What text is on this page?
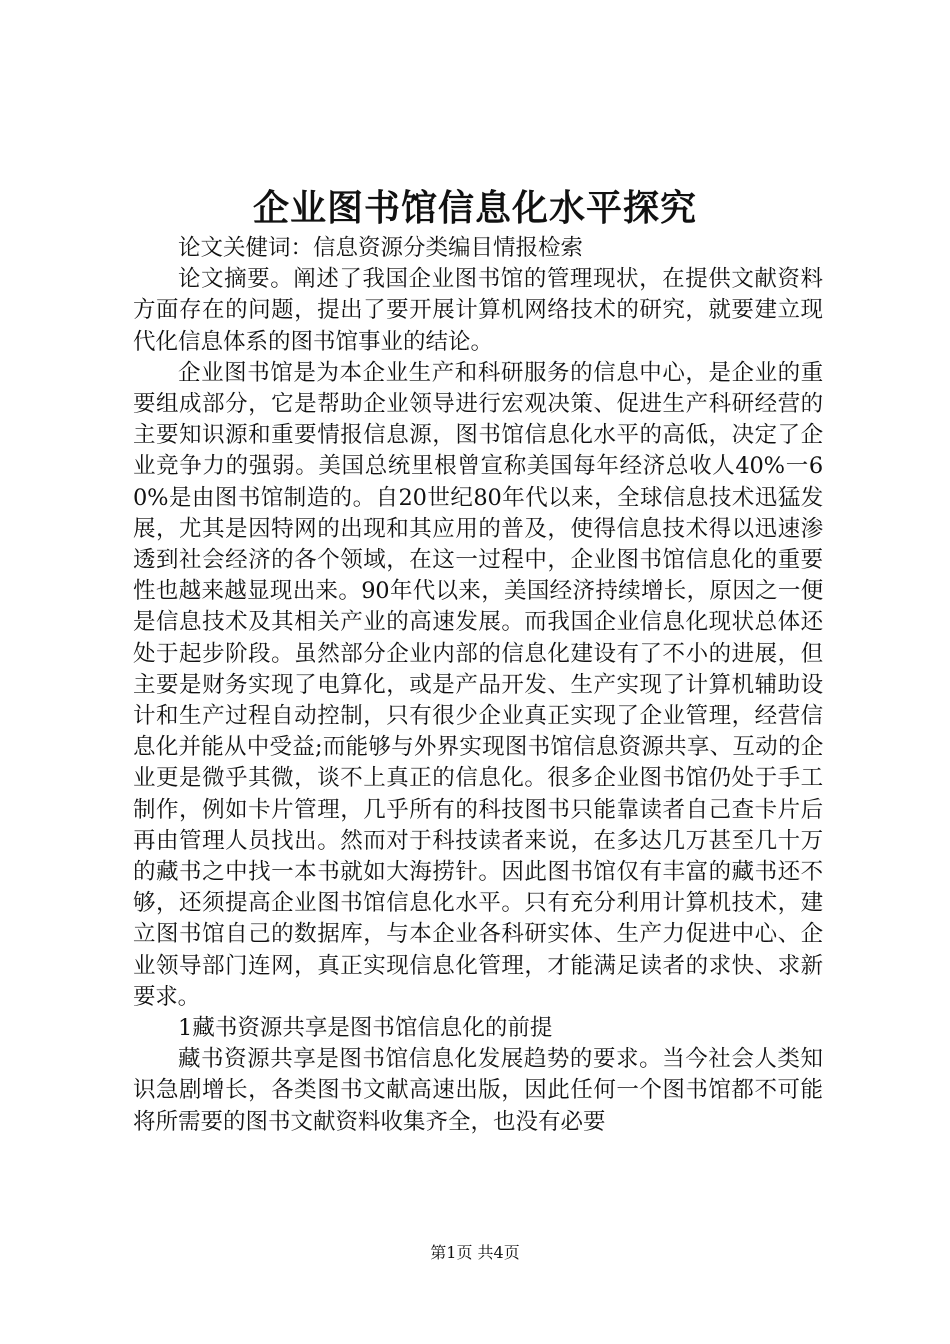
企业图书馆信息化水平探究

论文关健词：信息资源分类编目情报检索

论文摘要。阐述了我国企业图书馆的管理现状，在提供文献资料方面存在的问题，提出了要开展计算机网络技术的研究，就要建立现代化信息体系的图书馆事业的结论。

企业图书馆是为本企业生产和科研服务的信息中心，是企业的重要组成部分，它是帮助企业领导进行宏观决策、促进生产科研经营的主要知识源和重要情报信息源，图书馆信息化水平的高低，决定了企业竞争力的强弱。美国总统里根曾宣称美国每年经济总收人40%一60%是由图书馆制造的。自20世纪80年代以来，全球信息技术迅猛发展，尤其是因特网的出现和其应用的普及，使得信息技术得以迅速渗透到社会经济的各个领域，在这一过程中，企业图书馆信息化的重要性也越来越显现出来。90年代以来，美国经济持续增长，原因之一便是信息技术及其相关产业的高速发展。而我国企业信息化现状总体还处于起步阶段。虽然部分企业内部的信息化建设有了不小的进展，但主要是财务实现了电算化，或是产品开发、生产实现了计算机辅助设计和生产过程自动控制，只有很少企业真正实现了企业管理，经营信息化并能从中受益;而能够与外界实现图书馆信息资源共享、互动的企业更是微乎其微，谈不上真正的信息化。很多企业图书馆仍处于手工制作，例如卡片管理，几乎所有的科技图书只能靠读者自己查卡片后再由管理人员找出。然而对于科技读者来说，在多达几万甚至几十万的藏书之中找一本书就如大海捞针。因此图书馆仅有丰富的藏书还不够，还须提高企业图书馆信息化水平。只有充分利用计算机技术，建立图书馆自己的数据库，与本企业各科研实体、生产力促进中心、企业领导部门连网，真正实现信息化管理，才能满足读者的求快、求新要求。

1藏书资源共享是图书馆信息化的前提

藏书资源共享是图书馆信息化发展趋势的要求。当今社会人类知识急剧增长，各类图书文献高速出版，因此任何一个图书馆都不可能将所需要的图书文献资料收集齐全，也没有必要

第1页 共4页
